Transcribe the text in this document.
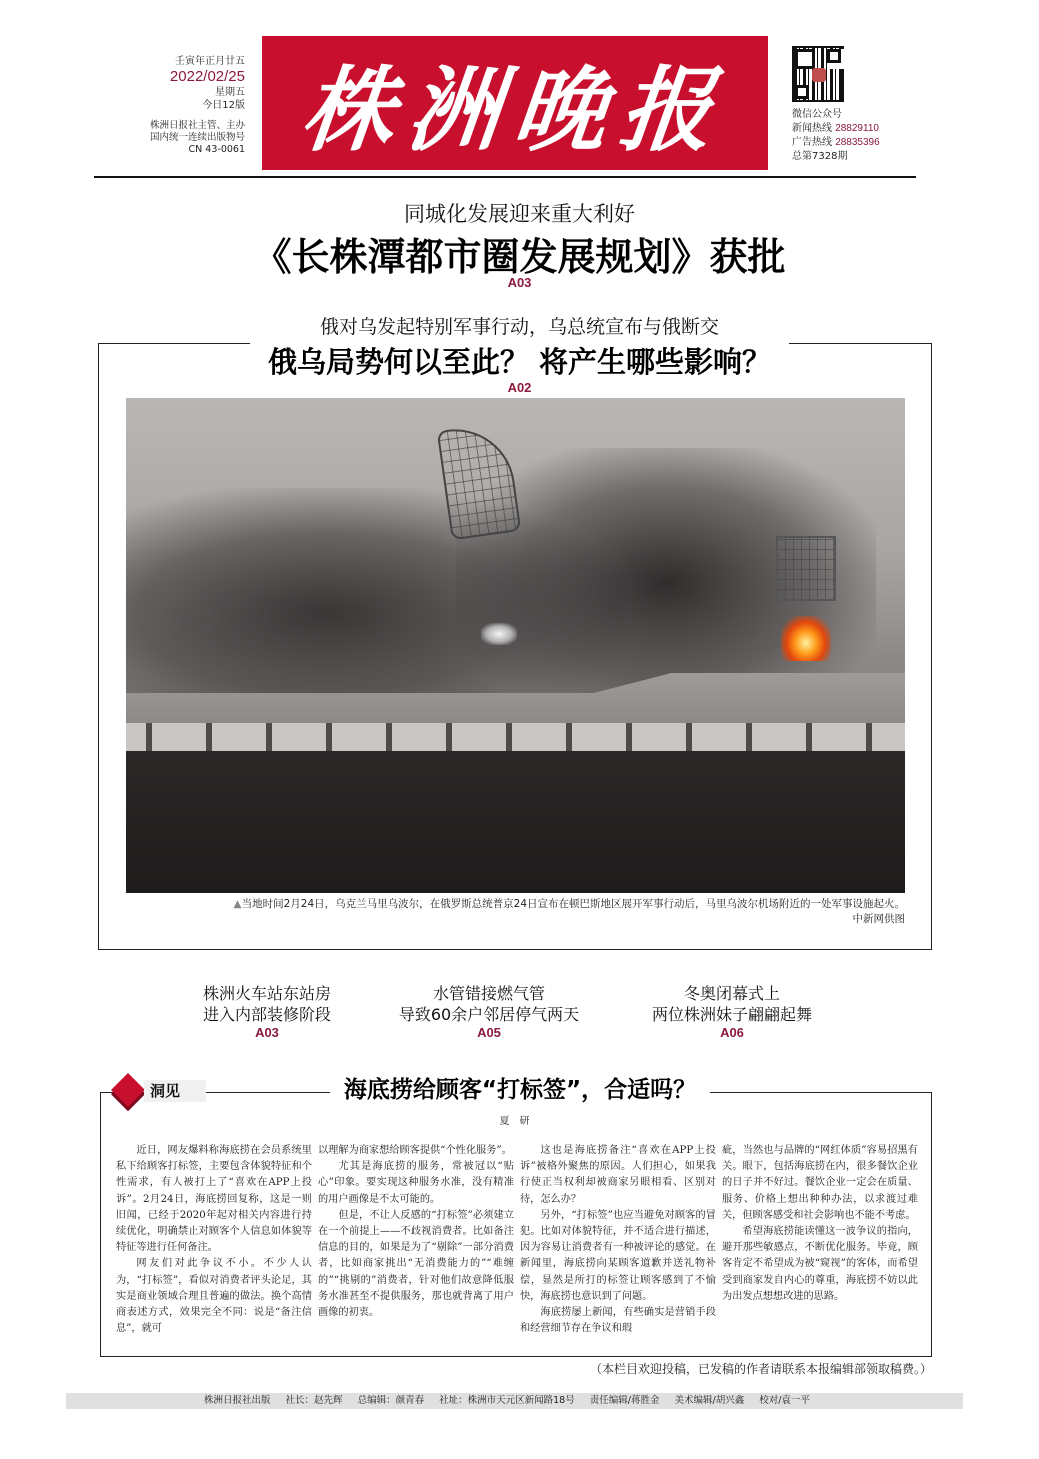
壬寅年正月廿五
2022/02/25
星期五
今日12版
株洲日报社主管、主办
国内统一连续出版物号
CN 43-0061 株洲晚报	微信公众号
新闻热线 28829110
广告热线 28835396
总第7328期
同城化发展迎来重大利好
《长株潭都市圈发展规划》获批
A03
俄对乌发起特别军事行动，乌总统宣布与俄断交
俄乌局势何以至此？ 将产生哪些影响？
A02
▲当地时间2月24日，乌克兰马里乌波尔，在俄罗斯总统普京24日宣布在顿巴斯地区展开军事行动后，马里乌波尔机场附近的一处军事设施起火。
中新网供图
株洲火车站东站房
进入内部装修阶段
A03
水管错接燃气管
导致60余户邻居停气两天
A05
冬奥闭幕式上
两位株洲妹子翩翩起舞
A06
洞见	海底捞给顾客“打标签”，合适吗？
夏研

近日，网友爆料称海底捞在会员系统里私下给顾客打标签，主要包含体貌特征和个性需求，有人被打上了“喜欢在APP上投诉”。2月24日，海底捞回复称，这是一则旧闻，已经于2020年起对相关内容进行持续优化，明确禁止对顾客个人信息如体貌等特征等进行任何备注。

网友们对此争议不小。不少人认为，“打标签”，看似对消费者评头论足，其实是商业领域合理且普遍的做法。换个高情商表述方式，效果完全不同：说是“备注信息”，就可

以理解为商家想给顾客提供“个性化服务”。

尤其是海底捞的服务，常被冠以“贴心”印象。要实现这种服务水准，没有精准的用户画像是不太可能的。

但是，不让人反感的“打标签”必须建立在一个前提上——不歧视消费者。比如备注信息的目的，如果是为了“剔除”一部分消费者，比如商家挑出“无消费能力的”“难缠的”“挑剔的”消费者，针对他们故意降低服务水准甚至不提供服务，那也就背离了用户画像的初衷。

这也是海底捞备注“喜欢在APP上投诉”被格外聚焦的原因。人们担心，如果我行使正当权利却被商家另眼相看、区别对待，怎么办？

另外，“打标签”也应当避免对顾客的冒犯。比如对体貌特征，并不适合进行描述，因为容易让消费者有一种被评论的感觉。在新闻里，海底捞向某顾客道歉并送礼物补偿，显然是所打的标签让顾客感到了不愉快，海底捞也意识到了问题。

海底捞屡上新闻，有些确实是营销手段和经营细节存在争议和瑕

疵，当然也与品牌的“网红体质”容易招黑有关。眼下，包括海底捞在内，很多餐饮企业的日子并不好过。餐饮企业一定会在质量、服务、价格上想出种种办法，以求渡过难关，但顾客感受和社会影响也不能不考虑。

希望海底捞能读懂这一波争议的指向，避开那些敏感点，不断优化服务。毕竟，顾客肯定不希望成为被“窥视”的客体，而希望受到商家发自内心的尊重，海底捞不妨以此为出发点想想改进的思路。

（本栏目欢迎投稿，已发稿的作者请联系本报编辑部领取稿费。）
株洲日报社出版 社长：赵先辉 总编辑：颜青春 社址：株洲市天元区新闻路18号 责任编辑/蒋胜金 美术编辑/胡兴鑫 校对/袁一平
